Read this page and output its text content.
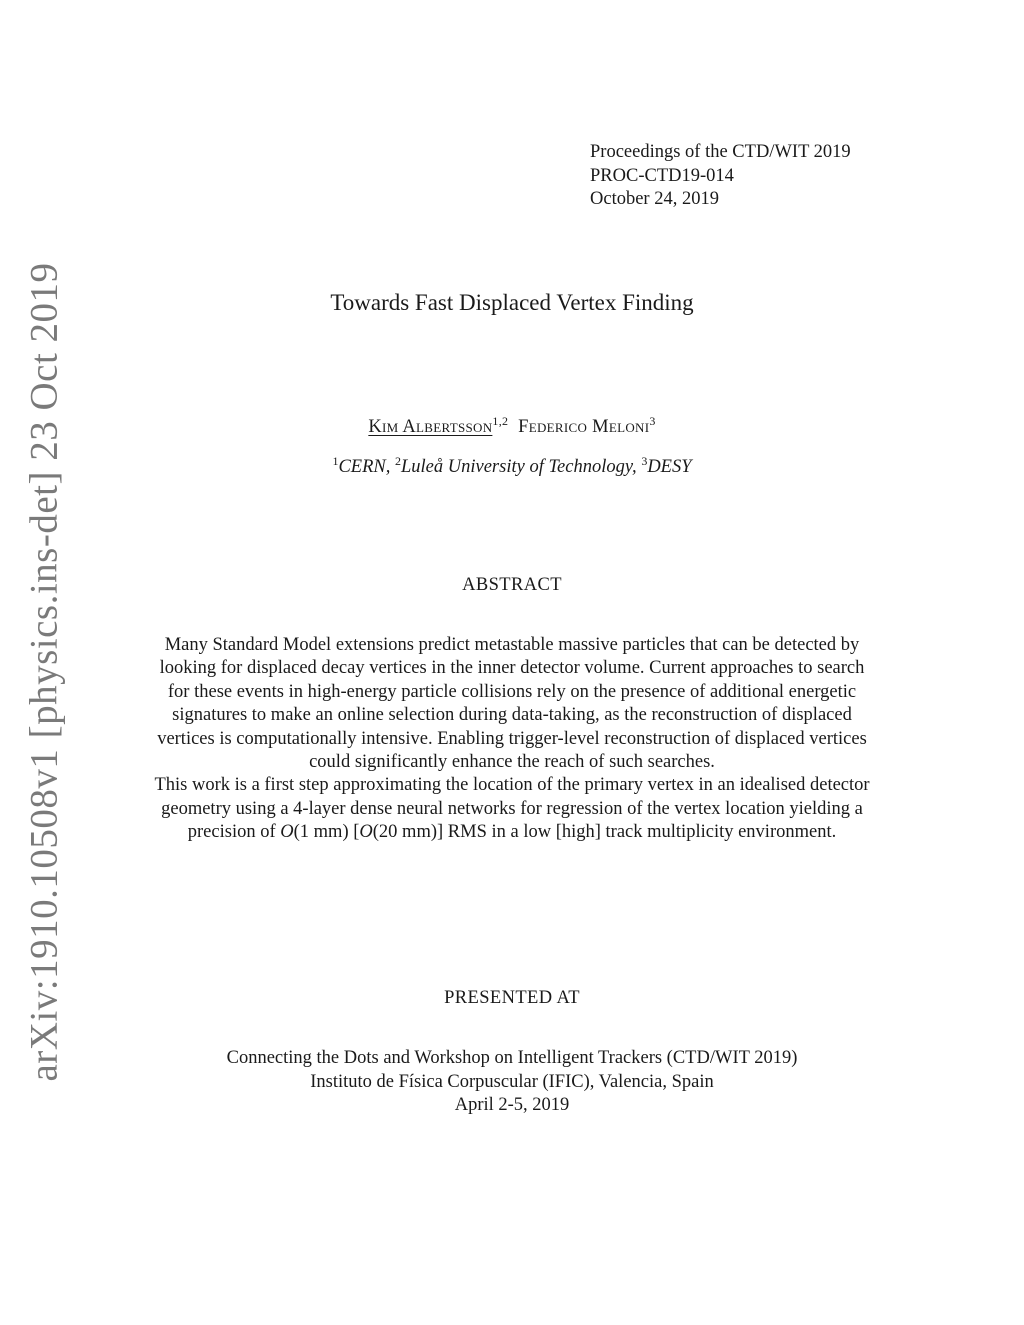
arXiv:1910.10508v1 [physics.ins-det] 23 Oct 2019
Proceedings of the CTD/WIT 2019
PROC-CTD19-014
October 24, 2019
Towards Fast Displaced Vertex Finding
Kim Albertsson$^{1,2}$ Federico Meloni$^3$
$^1$CERN, $^2$Luleå University of Technology, $^3$DESY
ABSTRACT

Many Standard Model extensions predict metastable massive particles that can be detected by looking for displaced decay vertices in the inner detector volume. Current approaches to search for these events in high-energy particle collisions rely on the presence of additional energetic signatures to make an online selection during data-taking, as the reconstruction of displaced vertices is computationally intensive. Enabling trigger-level reconstruction of displaced vertices could significantly enhance the reach of such searches.

This work is a first step approximating the location of the primary vertex in an idealised detector geometry using a 4-layer dense neural networks for regression of the vertex location yielding a precision of O(1 mm) [O(20 mm)] RMS in a low [high] track multiplicity environment.

PRESENTED AT
Connecting the Dots and Workshop on Intelligent Trackers (CTD/WIT 2019)
Instituto de Física Corpuscular (IFIC), Valencia, Spain
April 2-5, 2019
